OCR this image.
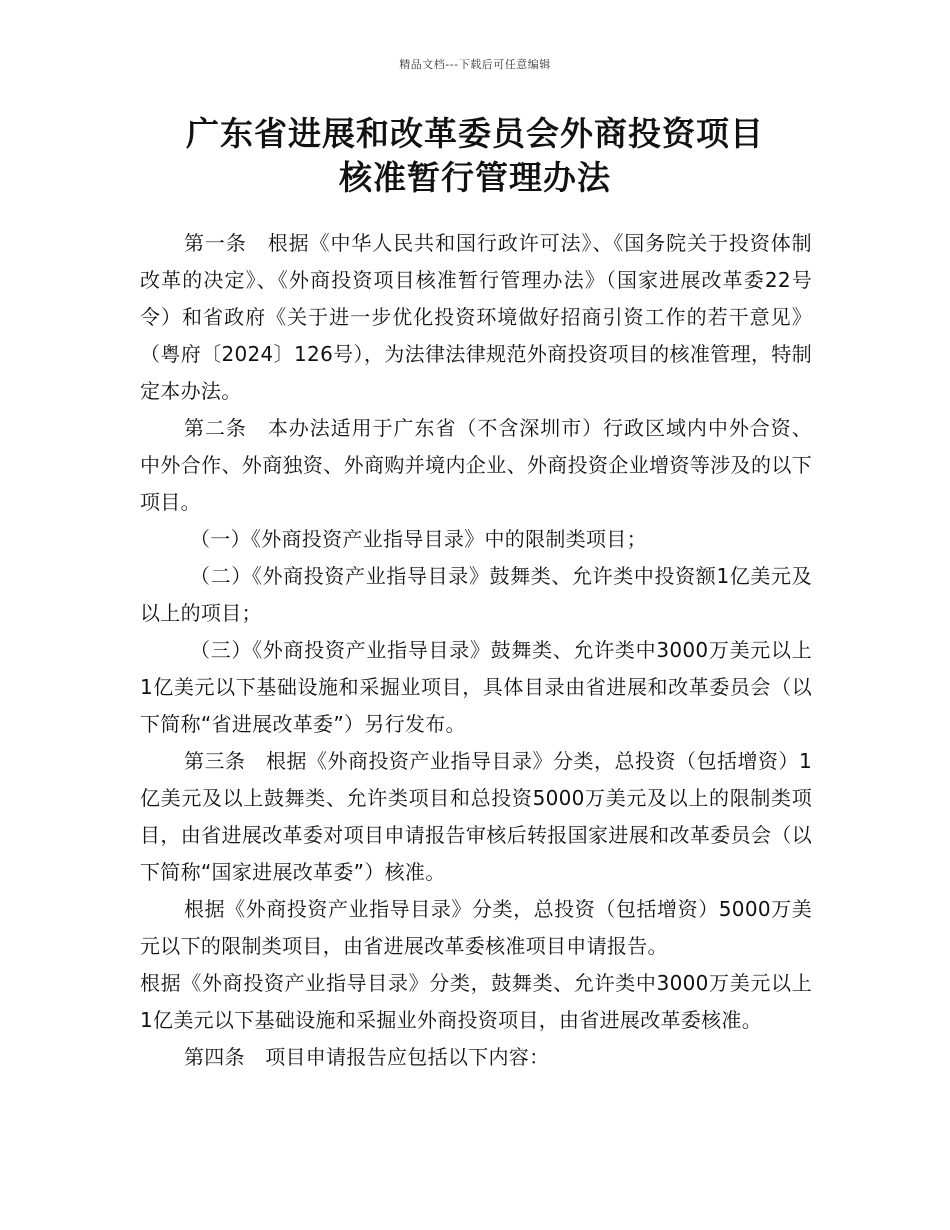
精品文档---下载后可任意编辑
广东省进展和改革委员会外商投资项目
核准暂行管理办法

第一条　根据《中华人民共和国行政许可法》、《国务院关于投资体制改革的决定》、《外商投资项目核准暂行管理办法》（国家进展改革委22号令）和省政府《关于进一步优化投资环境做好招商引资工作的若干意见》（粤府〔2024〕126号），为法律法律规范外商投资项目的核准管理，特制定本办法。

第二条　本办法适用于广东省（不含深圳市）行政区域内中外合资、中外合作、外商独资、外商购并境内企业、外商投资企业增资等涉及的以下项目。

（一）《外商投资产业指导目录》中的限制类项目；

（二）《外商投资产业指导目录》鼓舞类、允许类中投资额1亿美元及以上的项目；

（三）《外商投资产业指导目录》鼓舞类、允许类中3000万美元以上1亿美元以下基础设施和采掘业项目，具体目录由省进展和改革委员会（以下简称“省进展改革委”）另行发布。

第三条　根据《外商投资产业指导目录》分类，总投资（包括增资）1亿美元及以上鼓舞类、允许类项目和总投资5000万美元及以上的限制类项目，由省进展改革委对项目申请报告审核后转报国家进展和改革委员会（以下简称“国家进展改革委”）核准。

根据《外商投资产业指导目录》分类，总投资（包括增资）5000万美元以下的限制类项目，由省进展改革委核准项目申请报告。

根据《外商投资产业指导目录》分类，鼓舞类、允许类中3000万美元以上1亿美元以下基础设施和采掘业外商投资项目，由省进展改革委核准。

第四条　项目申请报告应包括以下内容：
